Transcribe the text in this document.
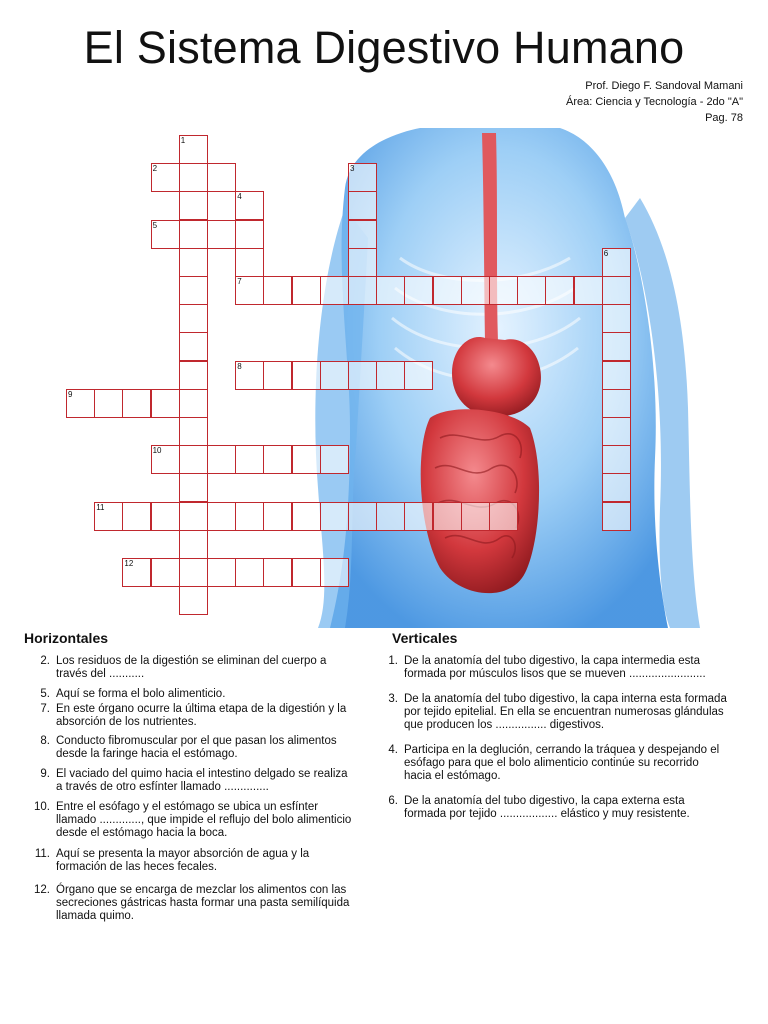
El Sistema Digestivo Humano
Prof. Diego F. Sandoval Mamani
Área: Ciencia y Tecnología - 2do "A"
Pag. 78
1
2	3
4
5
6
7
8
9
10
11
12
Horizontales
2. Los residuos de la digestión se eliminan del cuerpo a través del ...........
5. Aquí se forma el bolo alimenticio.
7. En este órgano ocurre la última etapa de la digestión y la absorción de los nutrientes.
8. Conducto fibromuscular por el que pasan los alimentos desde la faringe hacia el estómago.
9. El vaciado del quimo hacia el intestino delgado se realiza a través de otro esfínter llamado ..............
10. Entre el esófago y el estómago se ubica un esfínter llamado ............., que impide el reflujo del bolo alimenticio desde el estómago hacia la boca.
11. Aquí se presenta la mayor absorción de agua y la formación de las heces fecales.
12. Órgano que se encarga de mezclar los alimentos con las secreciones gástricas hasta formar una pasta semilíquida llamada quimo.
Verticales
1. De la anatomía del tubo digestivo, la capa intermedia esta formada por músculos lisos que se mueven ........................
3. De la anatomía del tubo digestivo, la capa interna esta formada por tejido epitelial. En ella se encuentran numerosas glándulas que producen los ................ digestivos.
4. Participa en la deglución, cerrando la tráquea y despejando el esófago para que el bolo alimenticio continúe su recorrido hacia el estómago.
6. De la anatomía del tubo digestivo, la capa externa esta formada por tejido .................. elástico y muy resistente.
